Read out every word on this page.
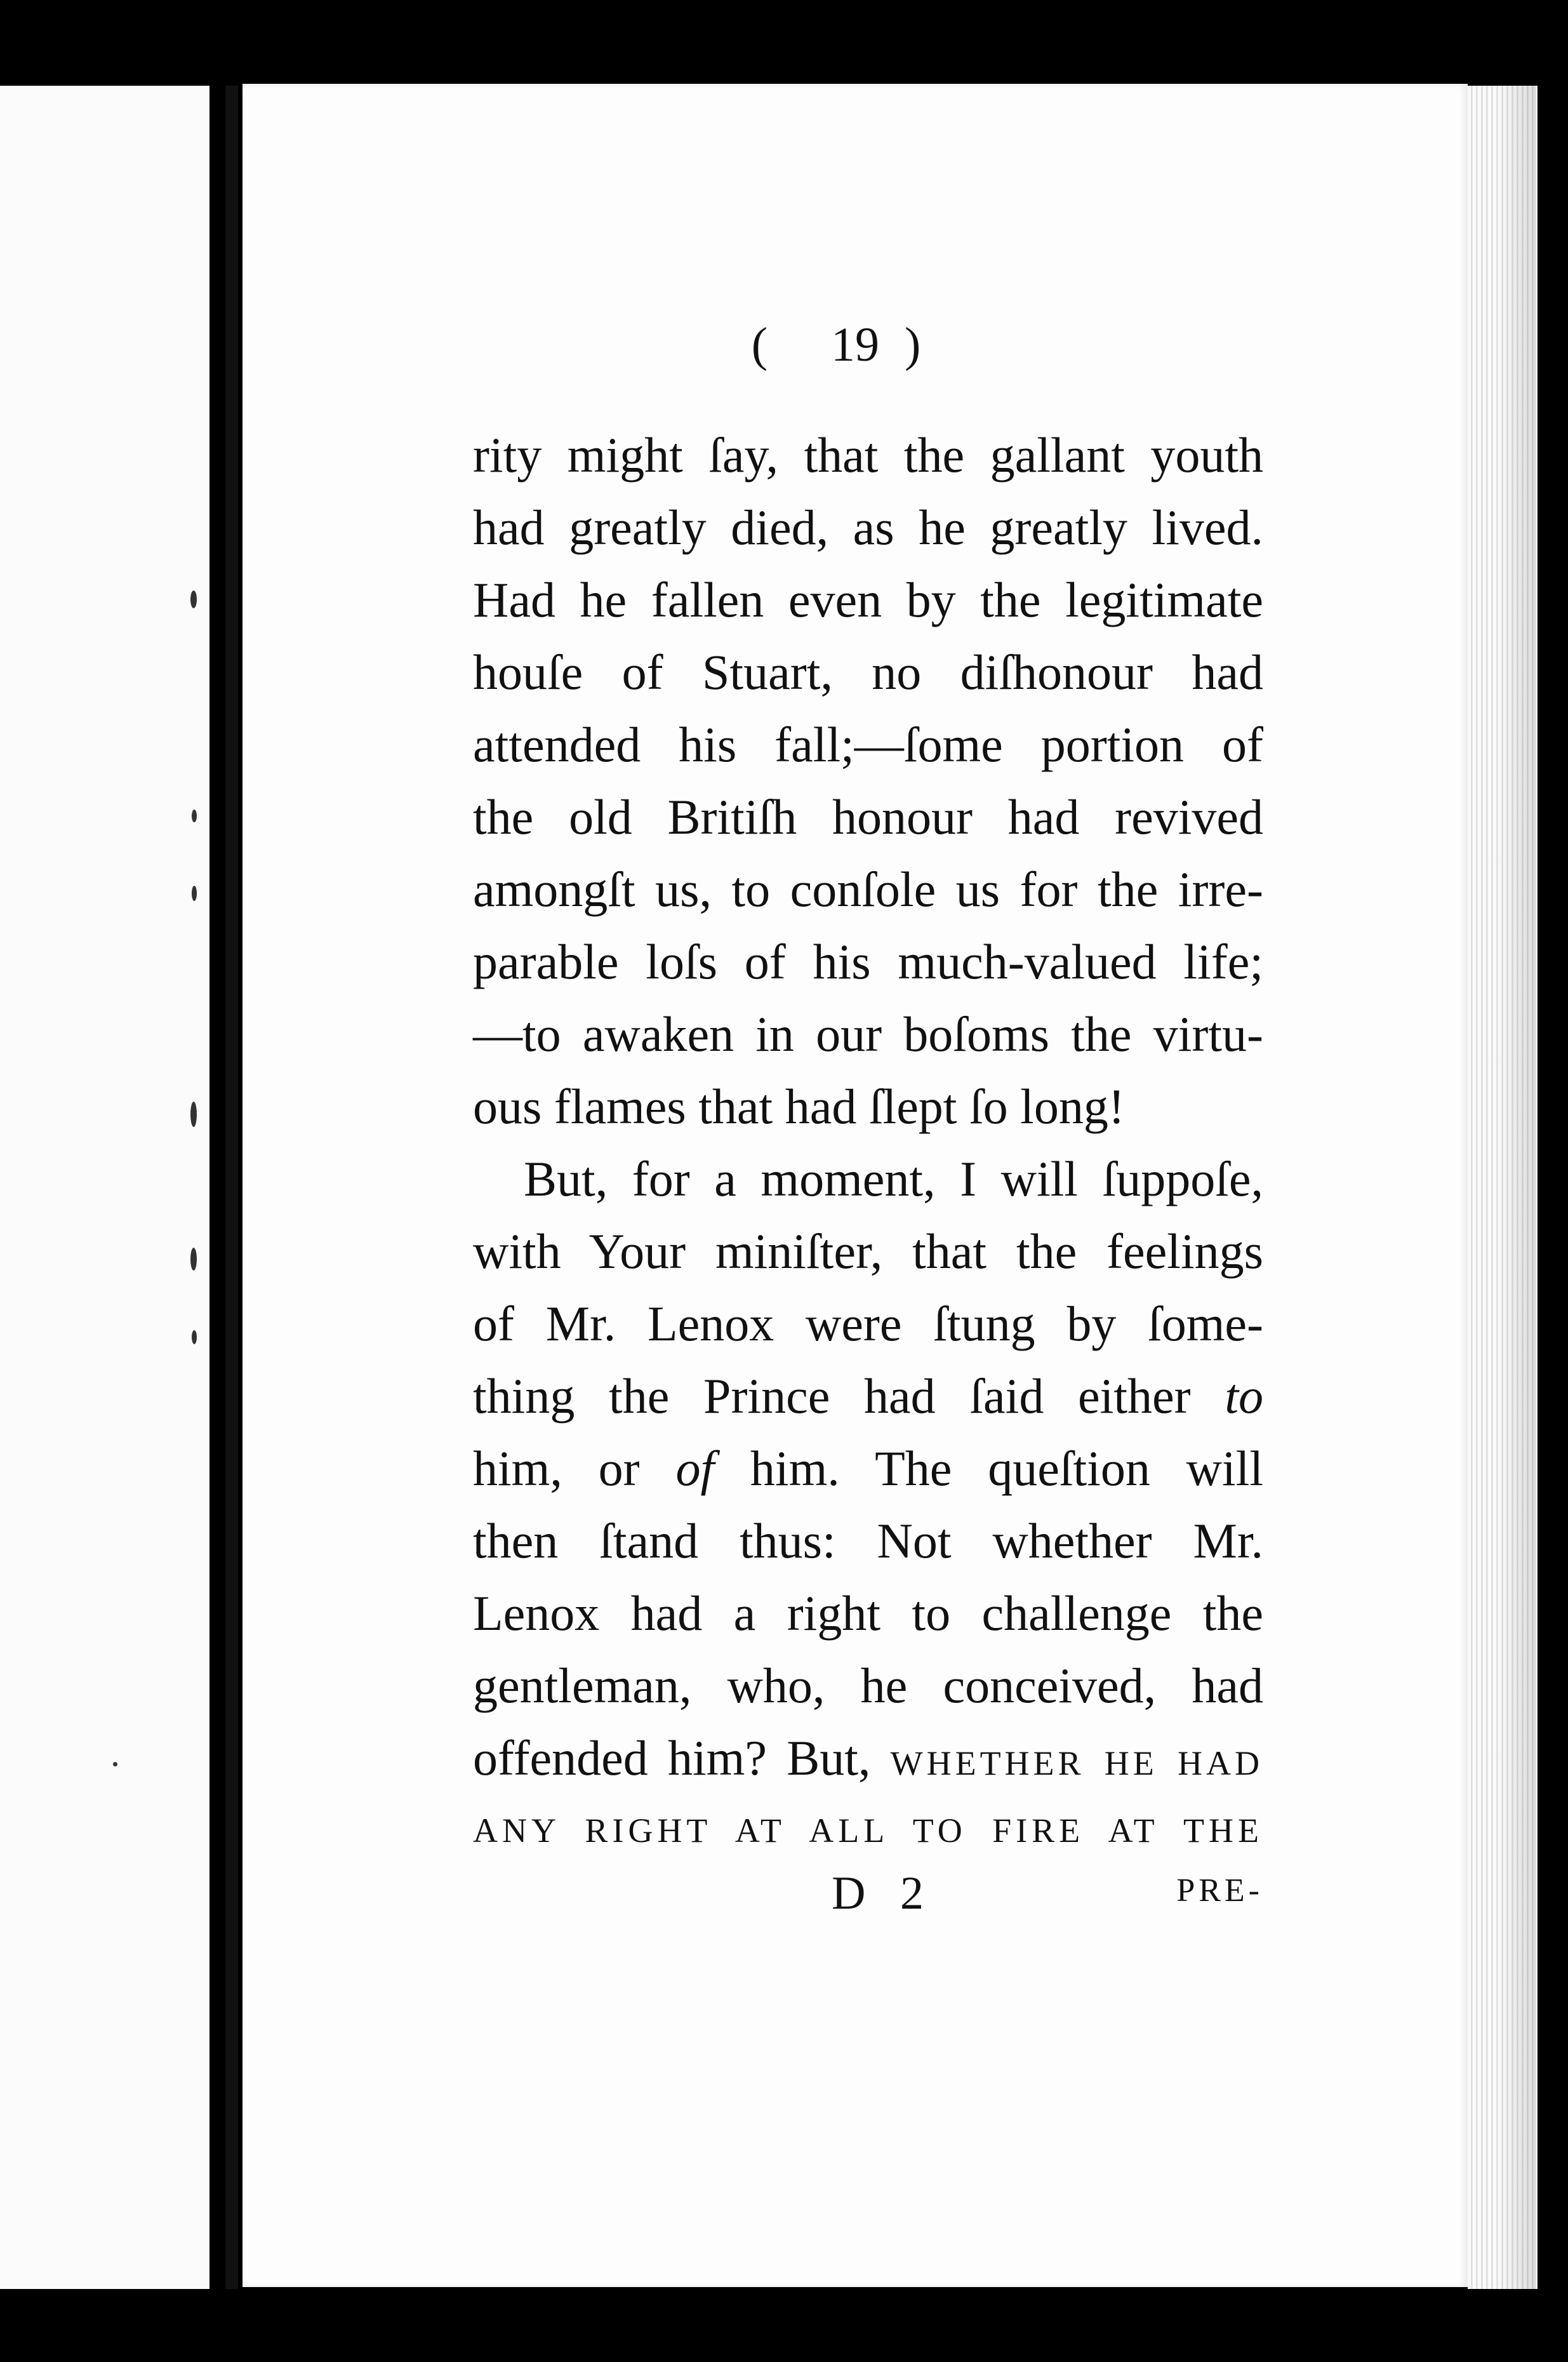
( 19 )
rity might ſay, that the gallant youth
had greatly died, as he greatly lived.
Had he fallen even by the legitimate
houſe of Stuart, no diſhonour had
attended his fall;—ſome portion of
the old Britiſh honour had revived
amongſt us, to conſole us for the irre-
parable loſs of his much-valued life;
—to awaken in our boſoms the virtu-
ous flames that had ſlept ſo long!
But, for a moment, I will ſuppoſe,
with Your miniſter, that the feelings
of Mr. Lenox were ſtung by ſome-
thing the Prince had ſaid either to
him, or of him. The queſtion will
then ſtand thus: Not whether Mr.
Lenox had a right to challenge the
gentleman, who, he conceived, had
offended him? But, WHETHER HE HAD
ANY RIGHT AT ALL TO FIRE AT THE
D 2	PRE-
